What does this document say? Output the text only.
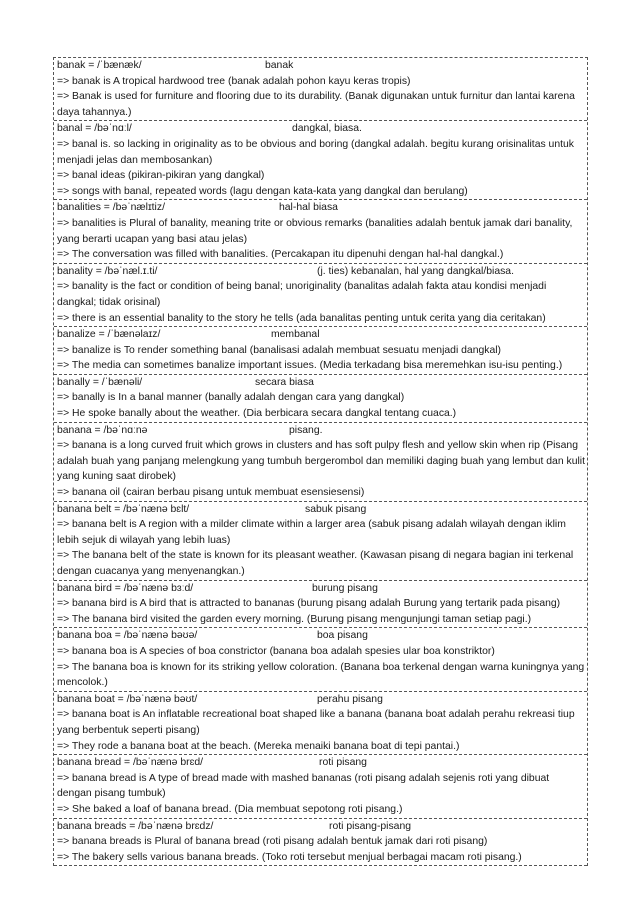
banak = /ˈbænæk/	banak
=> banak is A tropical hardwood tree (banak adalah pohon kayu keras tropis)
=> Banak is used for furniture and flooring due to its durability. (Banak digunakan untuk furnitur dan lantai karena daya tahannya.)
banal = /bəˈnɑːl/	dangkal, biasa.
=> banal is. so lacking in originality as to be obvious and boring (dangkal adalah. begitu kurang orisinalitas untuk menjadi jelas dan membosankan)
=> banal ideas (pikiran-pikiran yang dangkal)
=> songs with banal, repeated words (lagu dengan kata-kata yang dangkal dan berulang)
banalities = /bəˈnælɪtiz/	hal-hal biasa
=> banalities is Plural of banality, meaning trite or obvious remarks (banalities adalah bentuk jamak dari banality, yang berarti ucapan yang basi atau jelas)
=> The conversation was filled with banalities. (Percakapan itu dipenuhi dengan hal-hal dangkal.)
banality = /bəˈnæl.ɪ.ti/	(j. ties) kebanalan, hal yang dangkal/biasa.
=> banality is the fact or condition of being banal; unoriginality (banalitas adalah fakta atau kondisi menjadi dangkal; tidak orisinal)
=> there is an essential banality to the story he tells (ada banalitas penting untuk cerita yang dia ceritakan)
banalize = /ˈbænəlaɪz/	membanal
=> banalize is To render something banal (banalisasi adalah membuat sesuatu menjadi dangkal)
=> The media can sometimes banalize important issues. (Media terkadang bisa meremehkan isu-isu penting.)
banally = /ˈbænəli/	secara biasa
=> banally is In a banal manner (banally adalah dengan cara yang dangkal)
=> He spoke banally about the weather. (Dia berbicara secara dangkal tentang cuaca.)
banana = /bəˈnɑːnə	pisang.
=> banana is a long curved fruit which grows in clusters and has soft pulpy flesh and yellow skin when rip (Pisang adalah buah yang panjang melengkung yang tumbuh bergerombol dan memiliki daging buah yang lembut dan kulit yang kuning saat dirobek)
=> banana oil (cairan berbau pisang untuk membuat esensiesensi)
banana belt = /bəˈnænə bɛlt/	sabuk pisang
=> banana belt is A region with a milder climate within a larger area (sabuk pisang adalah wilayah dengan iklim lebih sejuk di wilayah yang lebih luas)
=> The banana belt of the state is known for its pleasant weather. (Kawasan pisang di negara bagian ini terkenal dengan cuacanya yang menyenangkan.)
banana bird = /bəˈnænə bɜːd/	burung pisang
=> banana bird is A bird that is attracted to bananas (burung pisang adalah Burung yang tertarik pada pisang)
=> The banana bird visited the garden every morning. (Burung pisang mengunjungi taman setiap pagi.)
banana boa = /bəˈnænə bəʊə/	boa pisang
=> banana boa is A species of boa constrictor (banana boa adalah spesies ular boa konstriktor)
=> The banana boa is known for its striking yellow coloration. (Banana boa terkenal dengan warna kuningnya yang mencolok.)
banana boat = /bəˈnænə bəʊt/	perahu pisang
=> banana boat is An inflatable recreational boat shaped like a banana (banana boat adalah perahu rekreasi tiup yang berbentuk seperti pisang)
=> They rode a banana boat at the beach. (Mereka menaiki banana boat di tepi pantai.)
banana bread = /bəˈnænə brɛd/	roti pisang
=> banana bread is A type of bread made with mashed bananas (roti pisang adalah sejenis roti yang dibuat dengan pisang tumbuk)
=> She baked a loaf of banana bread. (Dia membuat sepotong roti pisang.)
banana breads = /bəˈnænə brɛdz/	roti pisang-pisang
=> banana breads is Plural of banana bread (roti pisang adalah bentuk jamak dari roti pisang)
=> The bakery sells various banana breads. (Toko roti tersebut menjual berbagai macam roti pisang.)
